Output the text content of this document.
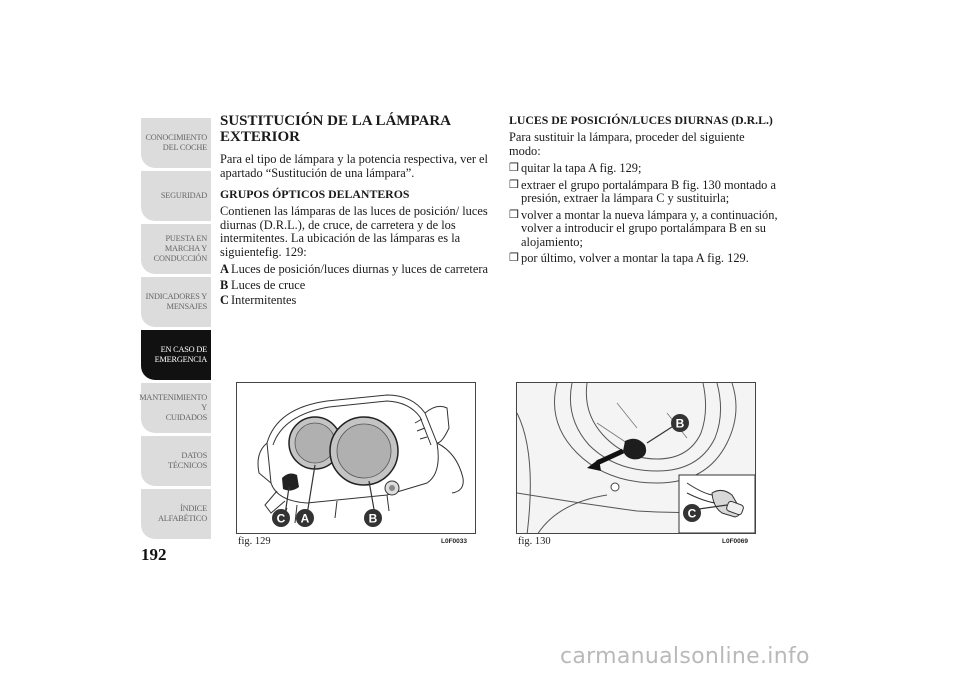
CONOCIMIENTO
DEL COCHE
SEGURIDAD
PUESTA EN
MARCHA Y
CONDUCCIÓN
INDICADORES Y
MENSAJES
EN CASO DE
EMERGENCIA
MANTENIMIENTO Y
CUIDADOS
DATOS TÉCNICOS
ÍNDICE
ALFABÉTICO
192
SUSTITUCIÓN DE LA LÁMPARA EXTERIOR
Para el tipo de lámpara y la potencia respectiva, ver el apartado “Sustitución de una lámpara”.
GRUPOS ÓPTICOS DELANTEROS
Contienen las lámparas de las luces de posición/ luces diurnas (D.R.L.), de cruce, de carretera y de los intermitentes. La ubicación de las lámparas es la siguientefig. 129:
A Luces de posición/luces diurnas y luces de carretera
B Luces de cruce
C Intermitentes
LUCES DE POSICIÓN/LUCES DIURNAS (D.R.L.)
Para sustituir la lámpara, proceder del siguiente modo:
❒ quitar la tapa A fig. 129;
❒ extraer el grupo portalámpara B fig. 130 montado a presión, extraer la lámpara C y sustituirla;
❒ volver a montar la nueva lámpara y, a continuación, volver a introducir el grupo portalámpara B en su alojamiento;
❒ por último, volver a montar la tapa A fig. 129.
C A	B
fig. 129	L0F0033
B
C
fig. 130	L0F0069
carmanualsonline.info
